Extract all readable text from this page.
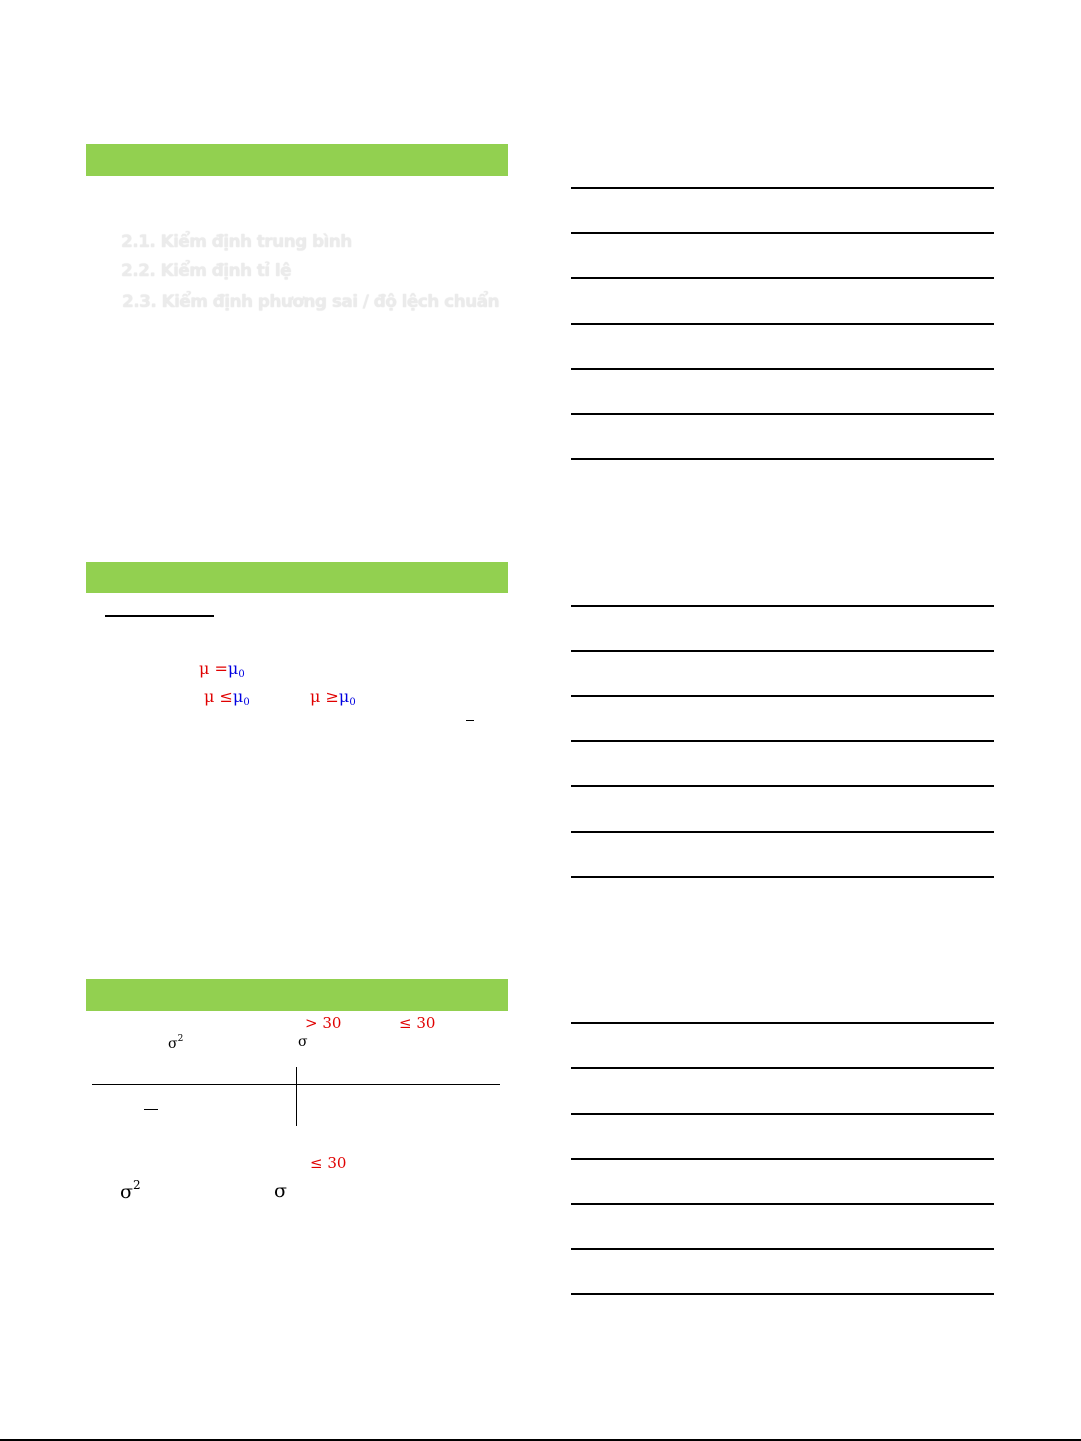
2.1. Kiểm định trung bình
2.2. Kiểm định tỉ lệ
2.3. Kiểm định phương sai / độ lệch chuẩn
$\mu =\mu_0$
$\mu \le\mu_0$	$\mu \ge\mu_0$
> 30	≤ 30
$\sigma^2$	σ
≤ 30
$\sigma^2$	σ
